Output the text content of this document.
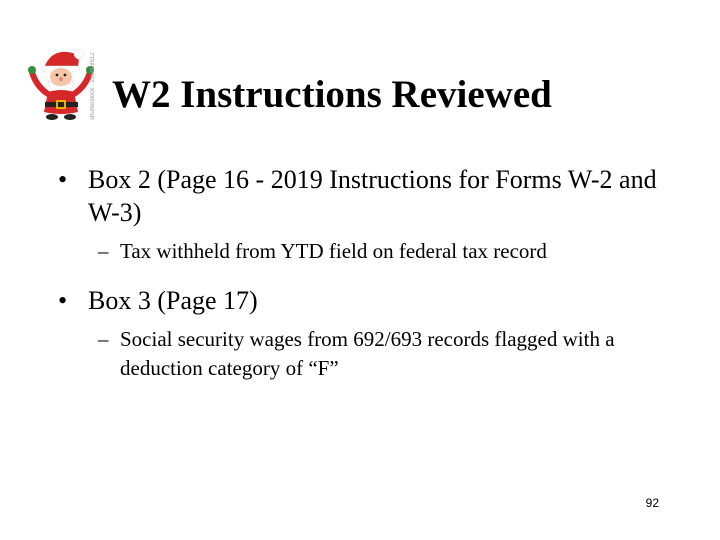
shutterstock · 205808512 W2 Instructions Reviewed
• Box 2 (Page 16 - 2019 Instructions for Forms W-2 and W-3)
– Tax withheld from YTD field on federal tax record
• Box 3 (Page 17)
– Social security wages from 692/693 records flagged with a deduction category of “F”
92
